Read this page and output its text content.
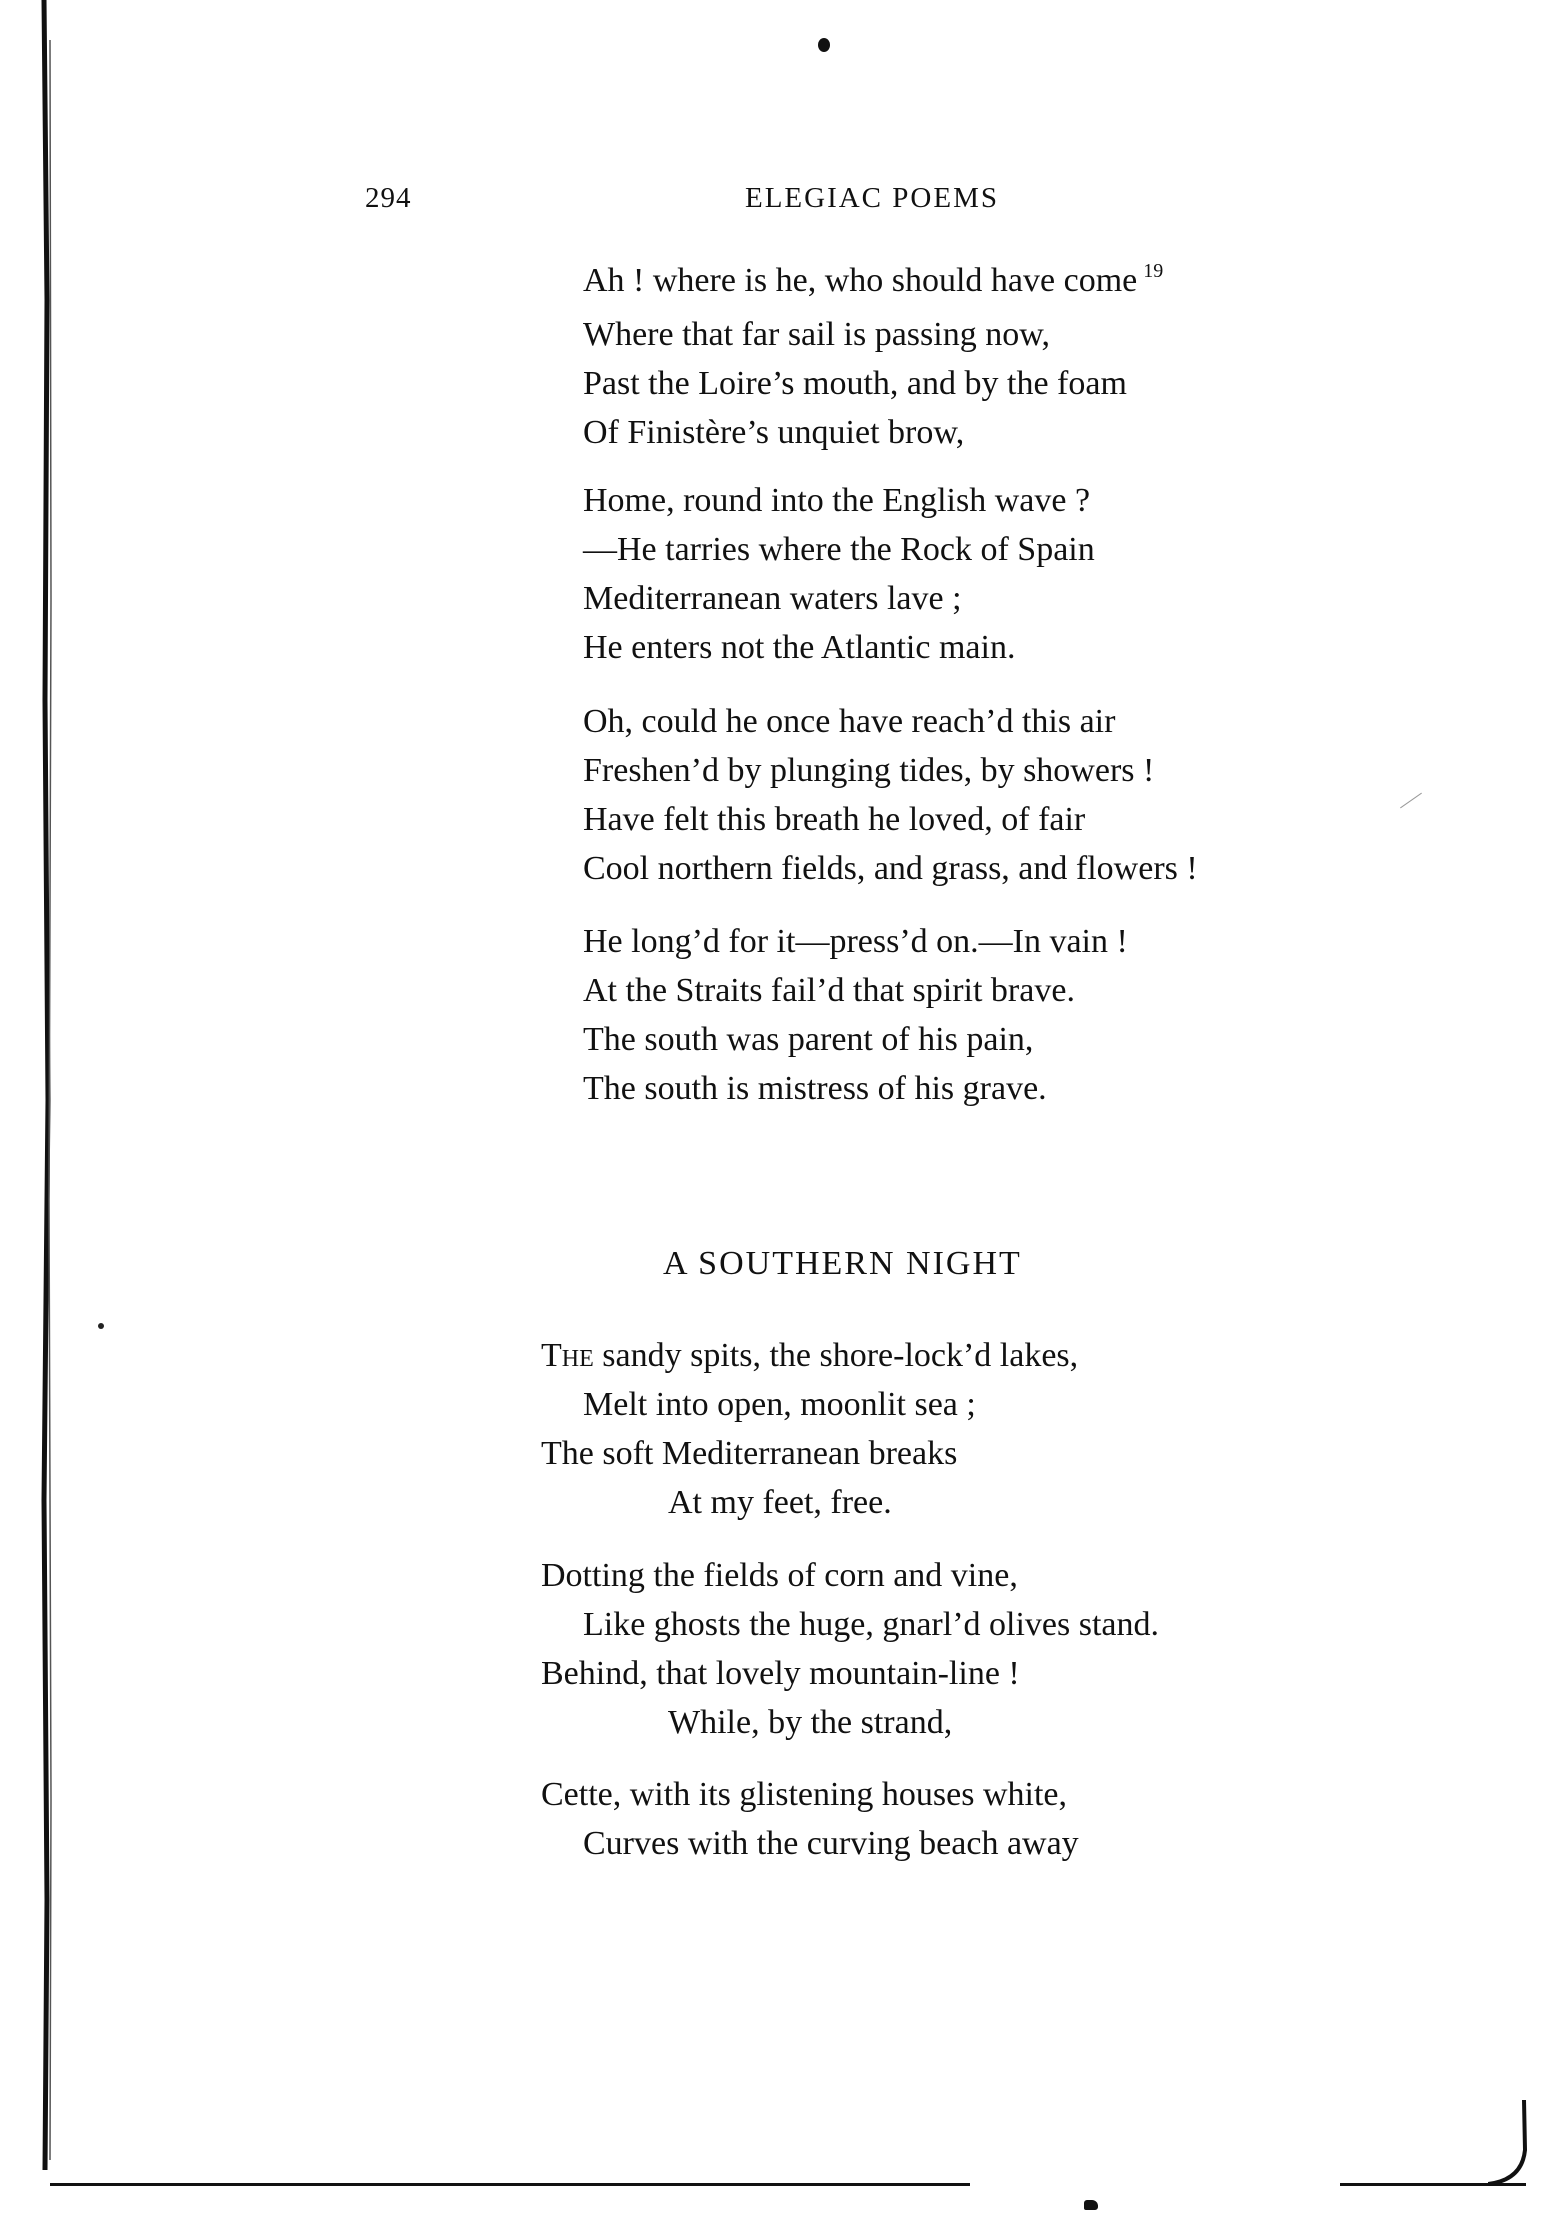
294	ELEGIAC POEMS
Ah ! where is he, who should have come $^{19}$
Where that far sail is passing now,
Past the Loire’s mouth, and by the foam
Of Finistère’s unquiet brow,
Home, round into the English wave ?
—He tarries where the Rock of Spain
Mediterranean waters lave ;
He enters not the Atlantic main.
Oh, could he once have reach’d this air
Freshen’d by plunging tides, by showers !
Have felt this breath he loved, of fair
Cool northern fields, and grass, and flowers !
He long’d for it—press’d on.—In vain !
At the Straits fail’d that spirit brave.
The south was parent of his pain,
The south is mistress of his grave.
A SOUTHERN NIGHT
The sandy spits, the shore-lock’d lakes,
Melt into open, moonlit sea ;
The soft Mediterranean breaks
At my feet, free.
Dotting the fields of corn and vine,
Like ghosts the huge, gnarl’d olives stand.
Behind, that lovely mountain-line !
While, by the strand,
Cette, with its glistening houses white,
Curves with the curving beach away
